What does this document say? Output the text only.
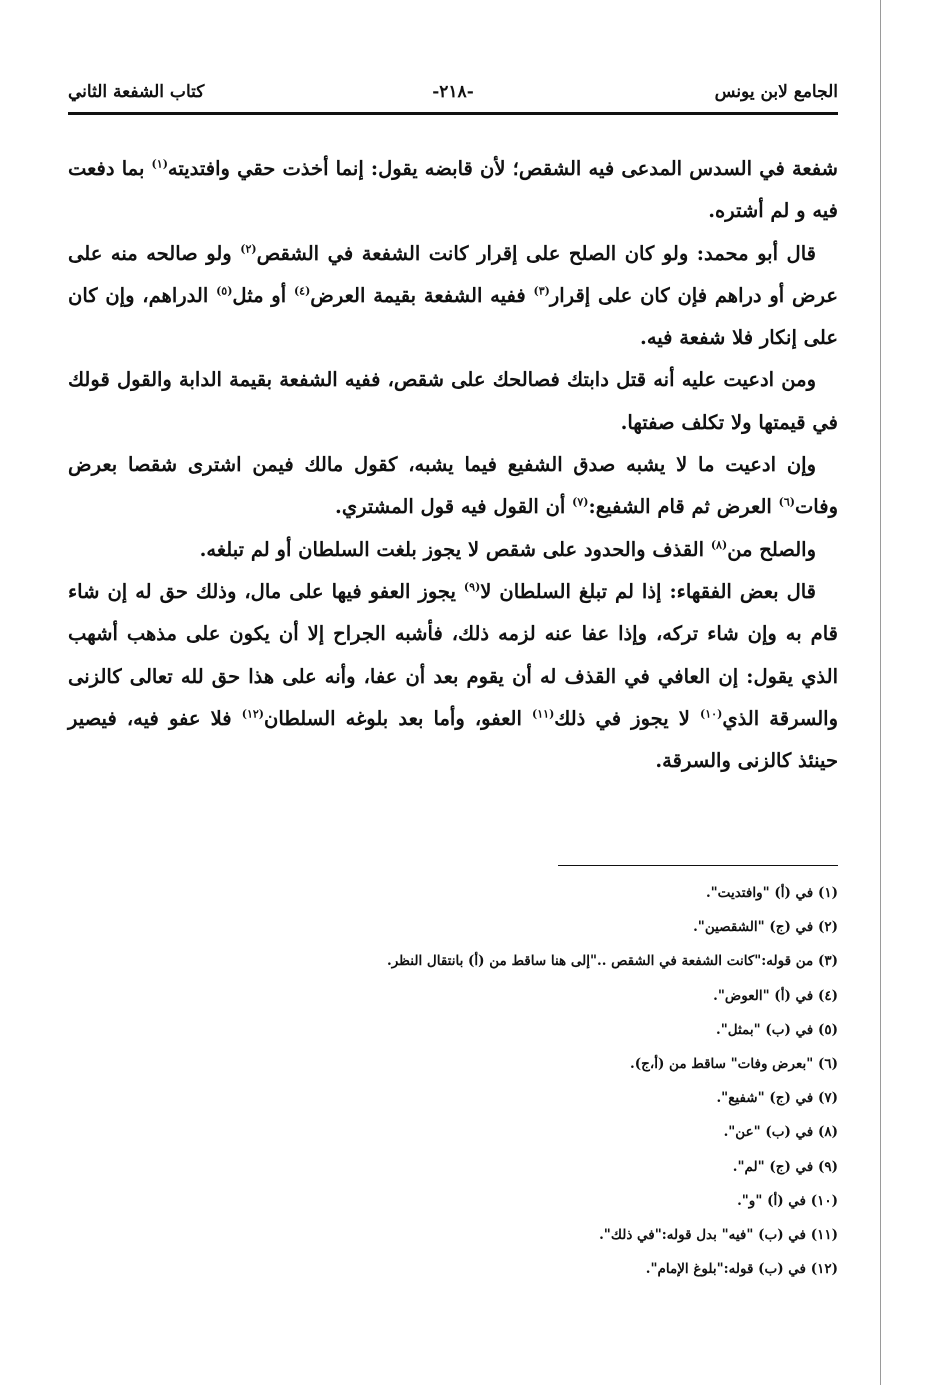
الجامع لابن يونس
-٢١٨-
كتاب الشفعة الثاني

شفعة في السدس المدعى فيه الشقص؛ لأن قابضه يقول: إنما أخذت حقي وافتديته$^{(١)}$ بما دفعت فيه و لم أشتره.

قال أبو محمد: ولو كان الصلح على إقرار كانت الشفعة في الشقص$^{(٢)}$ ولو صالحه منه على عرض أو دراهم فإن كان على إقرار$^{(٣)}$ ففيه الشفعة بقيمة العرض$^{(٤)}$ أو مثل$^{(٥)}$ الدراهم، وإن كان على إنكار فلا شفعة فيه.

ومن ادعيت عليه أنه قتل دابتك فصالحك على شقص، ففيه الشفعة بقيمة الدابة والقول قولك في قيمتها ولا تكلف صفتها.

وإن ادعيت ما لا يشبه صدق الشفيع فيما يشبه، كقول مالك فيمن اشترى شقصا بعرض وفات$^{(٦)}$ العرض ثم قام الشفيع:$^{(٧)}$ أن القول فيه قول المشتري.

والصلح من$^{(٨)}$ القذف والحدود على شقص لا يجوز بلغت السلطان أو لم تبلغه.

قال بعض الفقهاء: إذا لم تبلغ السلطان لا$^{(٩)}$ يجوز العفو فيها على مال، وذلك حق له إن شاء قام به وإن شاء تركه، وإذا عفا عنه لزمه ذلك، فأشبه الجراح إلا أن يكون على مذهب أشهب الذي يقول: إن العافي في القذف له أن يقوم بعد أن عفا، وأنه على هذا حق لله تعالى كالزنى والسرقة الذي$^{(١٠)}$ لا يجوز في ذلك$^{(١١)}$ العفو، وأما بعد بلوغه السلطان$^{(١٢)}$ فلا عفو فيه، فيصير حينئذ كالزنى والسرقة.

(١) في (أ) "وافتديت".
(٢) في (ج) "الشقصين".
(٣) من قوله:"كانت الشفعة في الشقص .."إلى هنا ساقط من (أ) بانتقال النظر.
(٤) في (أ) "العوض".
(٥) في (ب) "بمثل".
(٦) "بعرض وفات" ساقط من (أ،ج).
(٧) في (ج) "شفيع".
(٨) في (ب) "عن".
(٩) في (ج) "لم".
(١٠) في (أ) "و".
(١١) في (ب) "فيه" بدل قوله:"في ذلك".
(١٢) في (ب) قوله:"بلوغ الإمام".
